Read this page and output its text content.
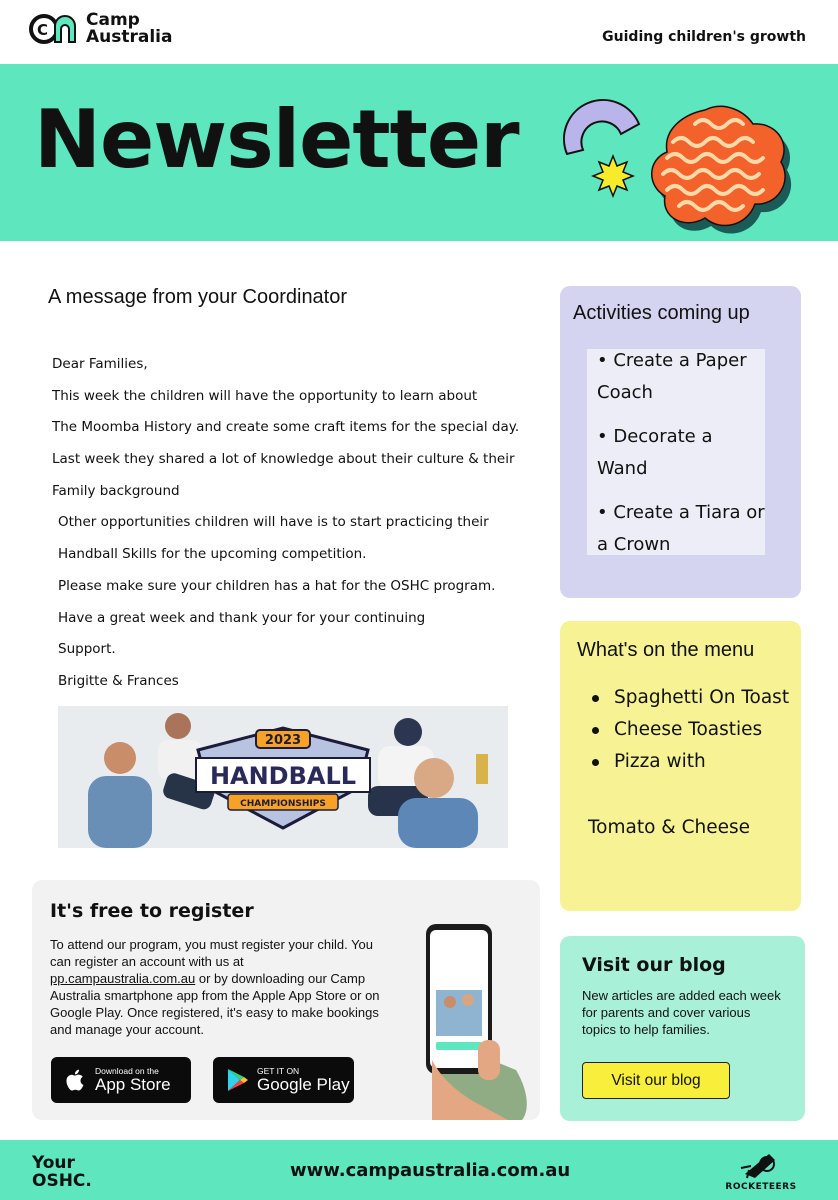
C Camp Australia	Guiding children's growth
Newsletter
A message from your Coordinator

Dear Families,

This week the children will have the opportunity to learn about

The Moomba History and create some craft items for the special day.

Last week they shared a lot of knowledge about their culture & their

Family background

Other opportunities children will have is to start practicing their

Handball Skills for the upcoming competition.

Please make sure your children has a hat for the OSHC program.

Have a great week and thank your for your continuing

Support.

Brigitte & Frances

2023
HANDBALL
CHAMPIONSHIPS
It's free to register
To attend our program, you must register your child. You can register an account with us at pp.campaustralia.com.au or by downloading our Camp Australia smartphone app from the Apple App Store or on Google Play. Once registered, it's easy to make bookings and manage your account.
Download on the
App Store
GET IT ON
Google Play
Activities coming up
• Create a Paper Coach
• Decorate a Wand
• Create a Tiara or a Crown
What's on the menu
Spaghetti On Toast
Cheese Toasties
Pizza with
Tomato & Cheese
Visit our blog
New articles are added each week for parents and cover various topics to help families.
Visit our blog
Your
OSHC.	www.campaustralia.com.au
ROCKETEERS
